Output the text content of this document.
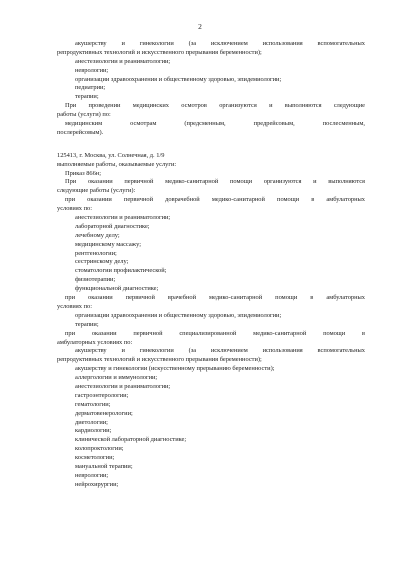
2
акушерству и гинекологии (за исключением использования вспомогательных
репродуктивных технологий и искусственного прерывания беременности);
анестезиологии и реаниматологии;
неврологии;
организации здравоохранения и общественному здоровью, эпидемиологии;
педиатрии;
терапии;
При проведении медицинских осмотров организуются и выполняются следующие
работы (услуги) по:
медицинским осмотрам (предсменным, предрейсовым, послесменным,
послерейсовым).
125413, г. Москва, ул. Солнечная, д. 1/9
выполняемые работы, оказываемые услуги:
Приказ 866н;
При оказании первичной медико-санитарной помощи организуются и выполняются
следующие работы (услуги):
при оказании первичной доврачебной медико-санитарной помощи в амбулаторных
условиях по:
анестезиологии и реаниматологии;
лабораторной диагностике;
лечебному делу;
медицинскому массажу;
рентгенологии;
сестринскому делу;
стоматологии профилактической;
физиотерапии;
функциональной диагностике;
при оказании первичной врачебной медико-санитарной помощи в амбулаторных
условиях по:
организации здравоохранения и общественному здоровью, эпидемиологии;
терапии;
при оказании первичной специализированной медико-санитарной помощи в
амбулаторных условиях по:
акушерству и гинекологии (за исключением использования вспомогательных
репродуктивных технологий и искусственного прерывания беременности);
акушерству и гинекологии (искусственному прерыванию беременности);
аллергологии и иммунологии;
анестезиологии и реаниматологии;
гастроэнтерологии;
гематологии;
дерматовенерологии;
диетологии;
кардиологии;
клинической лабораторной диагностике;
колопроктологии;
косметологии;
мануальной терапии;
неврологии;
нейрохирургии;
